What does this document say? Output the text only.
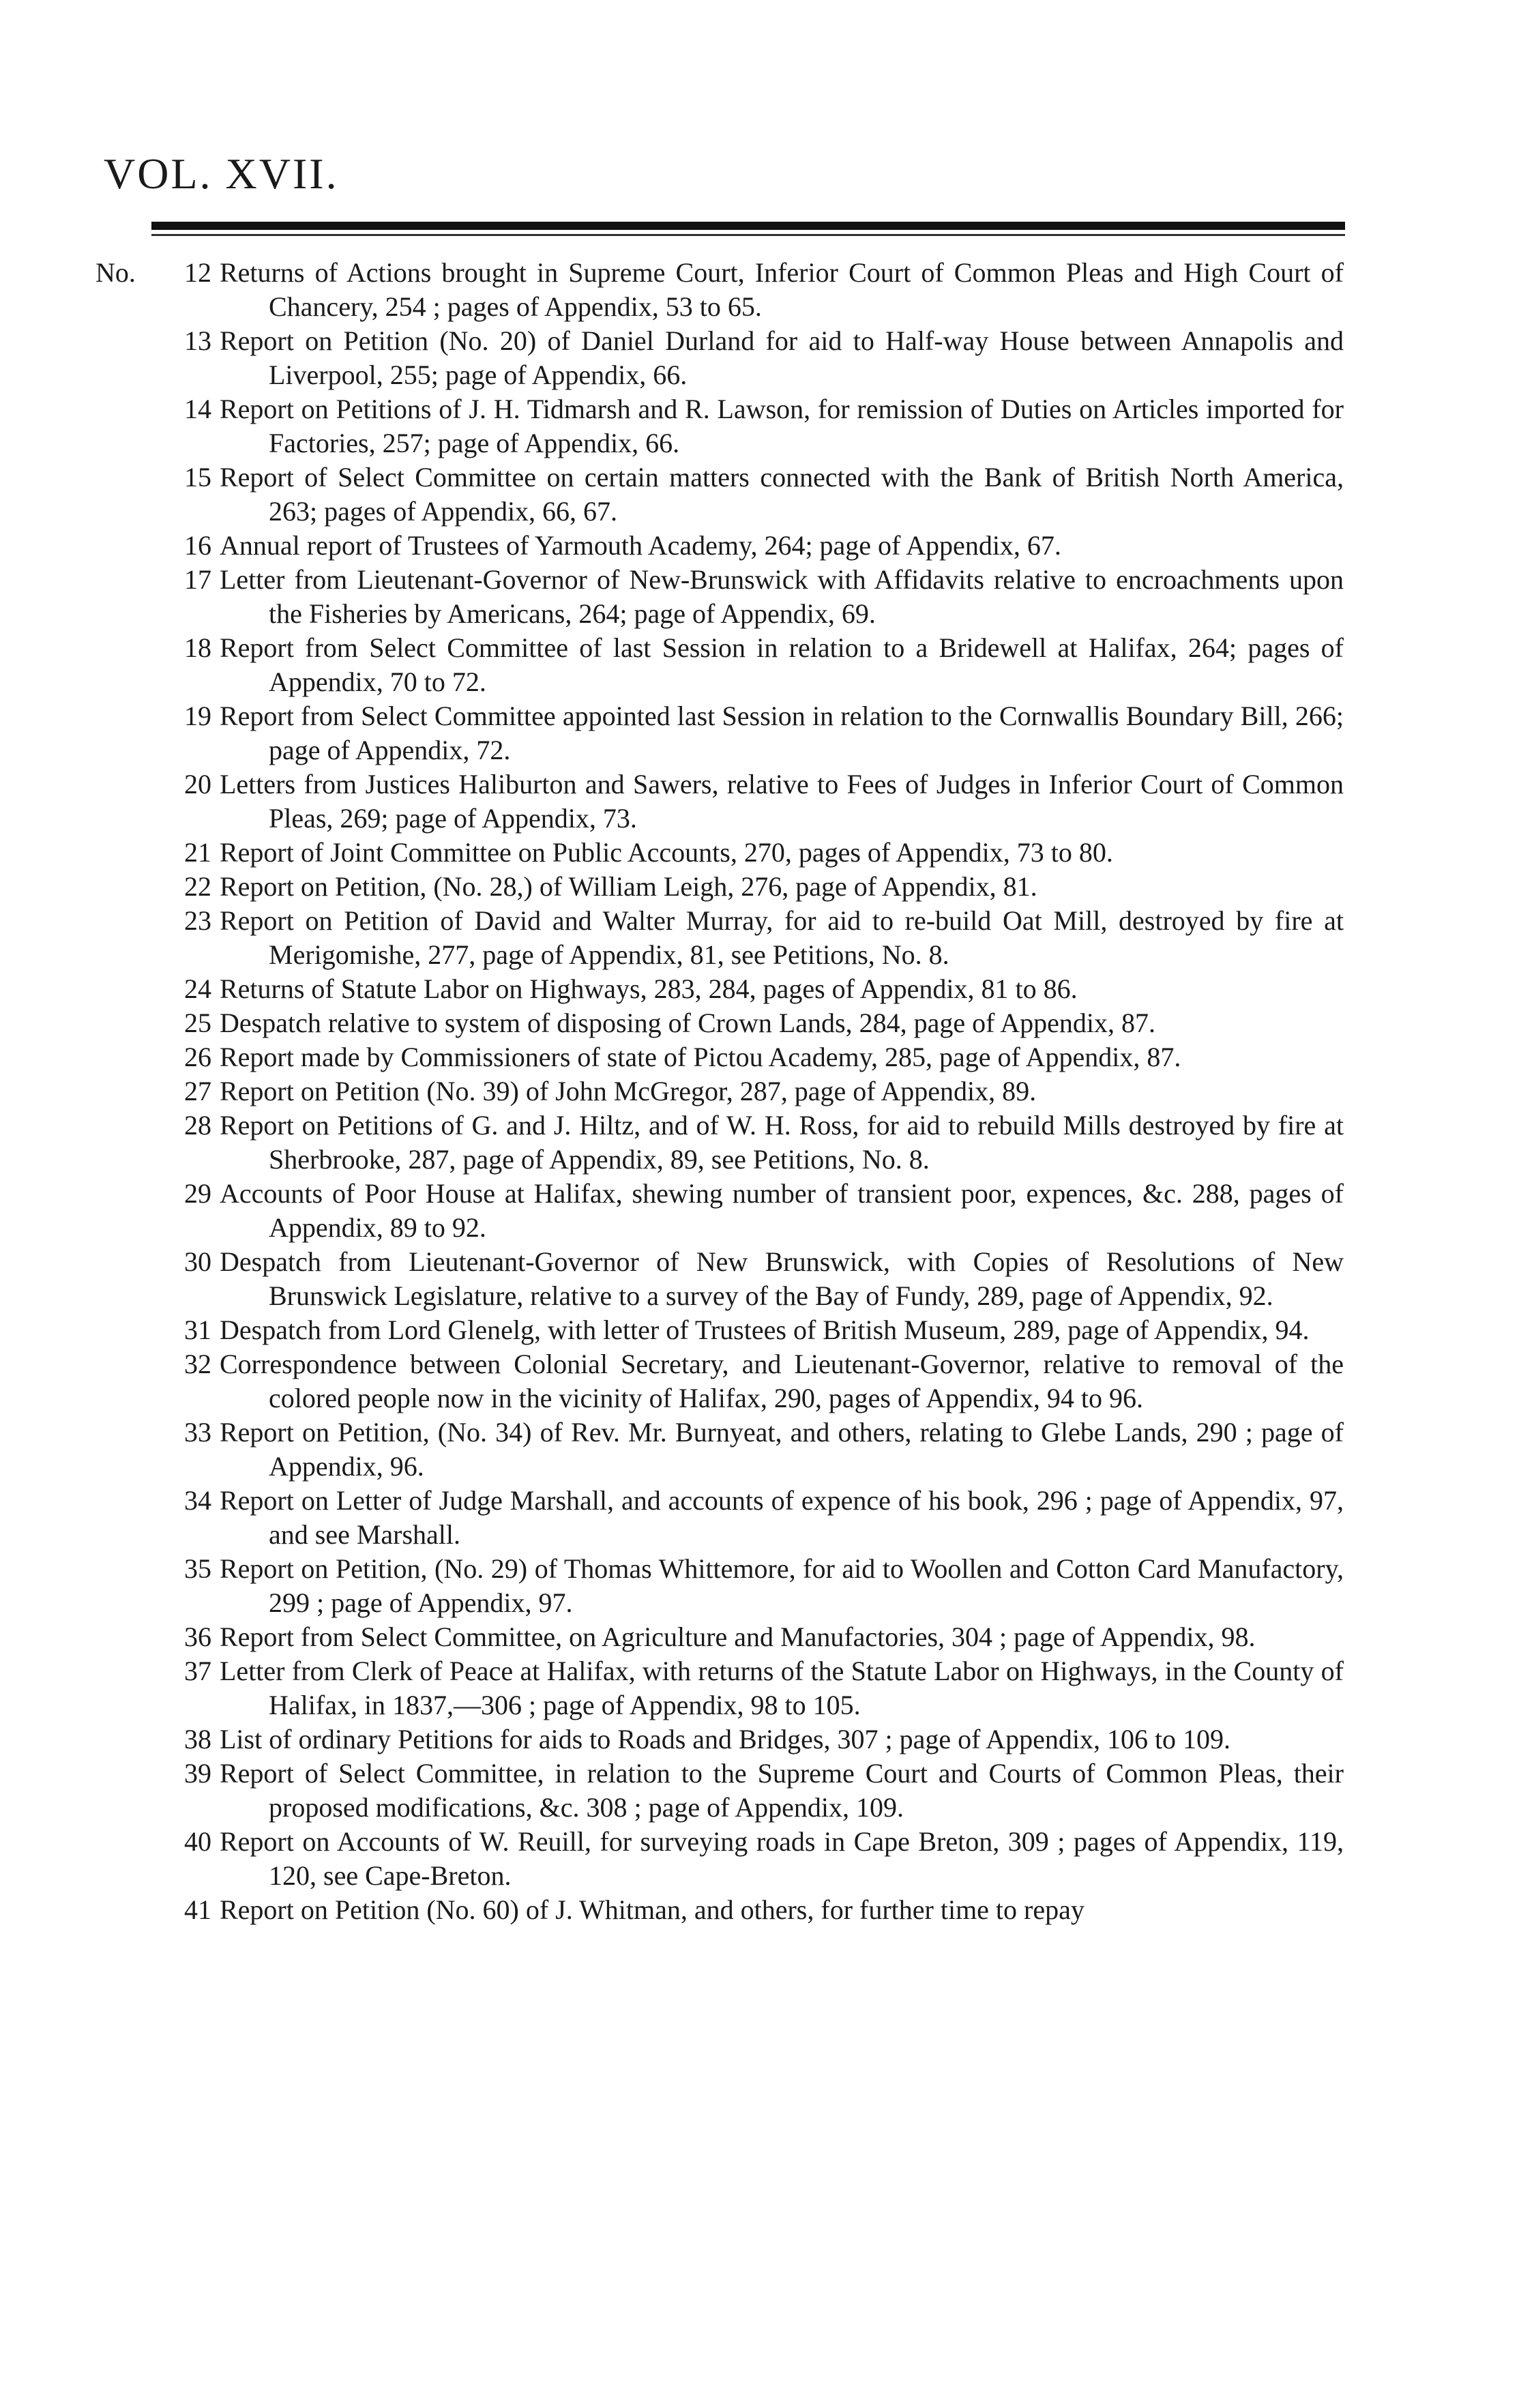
VOL. XVII.
No. 12 Returns of Actions brought in Supreme Court, Inferior Court of Common Pleas and High Court of Chancery, 254 ; pages of Appendix, 53 to 65.
13 Report on Petition (No. 20) of Daniel Durland for aid to Half-way House between Annapolis and Liverpool, 255; page of Appendix, 66.
14 Report on Petitions of J. H. Tidmarsh and R. Lawson, for remission of Duties on Articles imported for Factories, 257; page of Appendix, 66.
15 Report of Select Committee on certain matters connected with the Bank of British North America, 263; pages of Appendix, 66, 67.
16 Annual report of Trustees of Yarmouth Academy, 264; page of Appendix, 67.
17 Letter from Lieutenant-Governor of New-Brunswick with Affidavits relative to encroachments upon the Fisheries by Americans, 264; page of Appendix, 69.
18 Report from Select Committee of last Session in relation to a Bridewell at Halifax, 264; pages of Appendix, 70 to 72.
19 Report from Select Committee appointed last Session in relation to the Cornwallis Boundary Bill, 266; page of Appendix, 72.
20 Letters from Justices Haliburton and Sawers, relative to Fees of Judges in Inferior Court of Common Pleas, 269; page of Appendix, 73.
21 Report of Joint Committee on Public Accounts, 270, pages of Appendix, 73 to 80.
22 Report on Petition, (No. 28,) of William Leigh, 276, page of Appendix, 81.
23 Report on Petition of David and Walter Murray, for aid to re-build Oat Mill, destroyed by fire at Merigomishe, 277, page of Appendix, 81, see Petitions, No. 8.
24 Returns of Statute Labor on Highways, 283, 284, pages of Appendix, 81 to 86.
25 Despatch relative to system of disposing of Crown Lands, 284, page of Appendix, 87.
26 Report made by Commissioners of state of Pictou Academy, 285, page of Appendix, 87.
27 Report on Petition (No. 39) of John McGregor, 287, page of Appendix, 89.
28 Report on Petitions of G. and J. Hiltz, and of W. H. Ross, for aid to rebuild Mills destroyed by fire at Sherbrooke, 287, page of Appendix, 89, see Petitions, No. 8.
29 Accounts of Poor House at Halifax, shewing number of transient poor, expences, &c. 288, pages of Appendix, 89 to 92.
30 Despatch from Lieutenant-Governor of New Brunswick, with Copies of Resolutions of New Brunswick Legislature, relative to a survey of the Bay of Fundy, 289, page of Appendix, 92.
31 Despatch from Lord Glenelg, with letter of Trustees of British Museum, 289, page of Appendix, 94.
32 Correspondence between Colonial Secretary, and Lieutenant-Governor, relative to removal of the colored people now in the vicinity of Halifax, 290, pages of Appendix, 94 to 96.
33 Report on Petition, (No. 34) of Rev. Mr. Burnyeat, and others, relating to Glebe Lands, 290 ; page of Appendix, 96.
34 Report on Letter of Judge Marshall, and accounts of expence of his book, 296 ; page of Appendix, 97, and see Marshall.
35 Report on Petition, (No. 29) of Thomas Whittemore, for aid to Woollen and Cotton Card Manufactory, 299 ; page of Appendix, 97.
36 Report from Select Committee, on Agriculture and Manufactories, 304 ; page of Appendix, 98.
37 Letter from Clerk of Peace at Halifax, with returns of the Statute Labor on Highways, in the County of Halifax, in 1837,—306 ; page of Appendix, 98 to 105.
38 List of ordinary Petitions for aids to Roads and Bridges, 307 ; page of Appendix, 106 to 109.
39 Report of Select Committee, in relation to the Supreme Court and Courts of Common Pleas, their proposed modifications, &c. 308 ; page of Appendix, 109.
40 Report on Accounts of W. Reuill, for surveying roads in Cape Breton, 309 ; pages of Appendix, 119, 120, see Cape-Breton.
41 Report on Petition (No. 60) of J. Whitman, and others, for further time to repay
